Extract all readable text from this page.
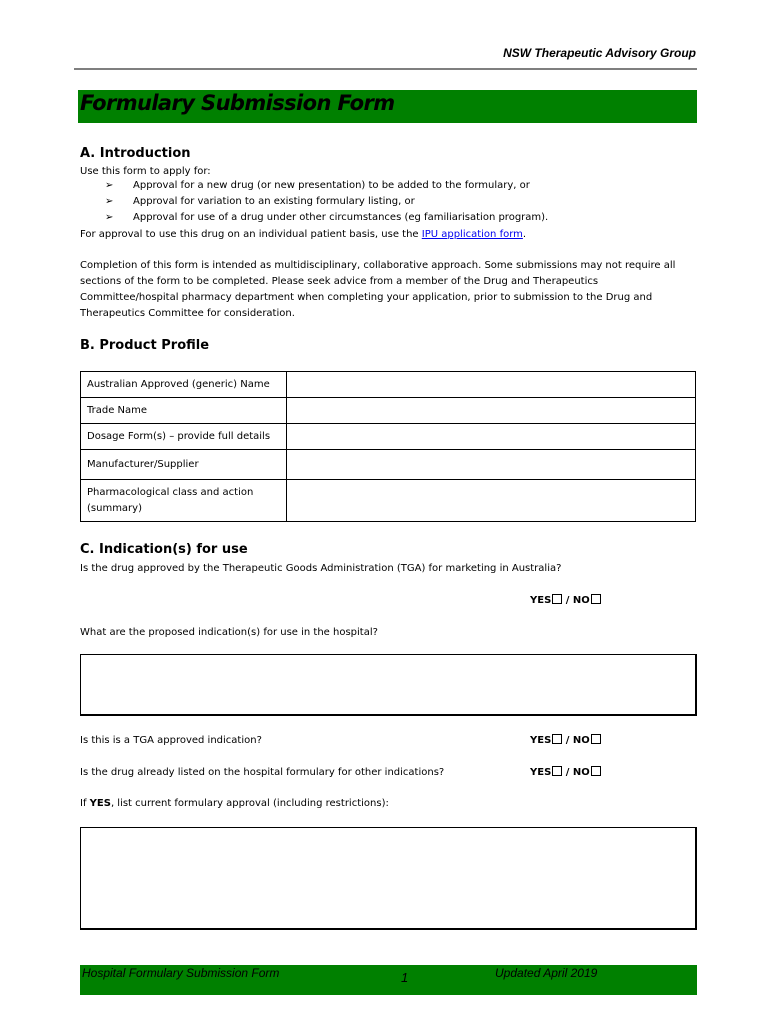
NSW Therapeutic Advisory Group
Formulary Submission Form
A. Introduction
Use this form to apply for:
➢ Approval for a new drug (or new presentation) to be added to the formulary, or
➢ Approval for variation to an existing formulary listing, or
➢ Approval for use of a drug under other circumstances (eg familiarisation program).
For approval to use this drug on an individual patient basis, use the IPU application form.
Completion of this form is intended as multidisciplinary, collaborative approach. Some submissions may not require all
sections of the form to be completed. Please seek advice from a member of the Drug and Therapeutics
Committee/hospital pharmacy department when completing your application, prior to submission to the Drug and
Therapeutics Committee for consideration.
B. Product Profile
Australian Approved (generic) Name	
Trade Name	
Dosage Form(s) – provide full details	
Manufacturer/Supplier	

Pharmacological class and action
(summary)	

C. Indication(s) for use
Is the drug approved by the Therapeutic Goods Administration (TGA) for marketing in Australia?
YES / NO
What are the proposed indication(s) for use in the hospital?
Is this is a TGA approved indication?	YES / NO
Is the drug already listed on the hospital formulary for other indications?	YES / NO
If YES, list current formulary approval (including restrictions):
Hospital Formulary Submission Form	1	Updated April 2019
